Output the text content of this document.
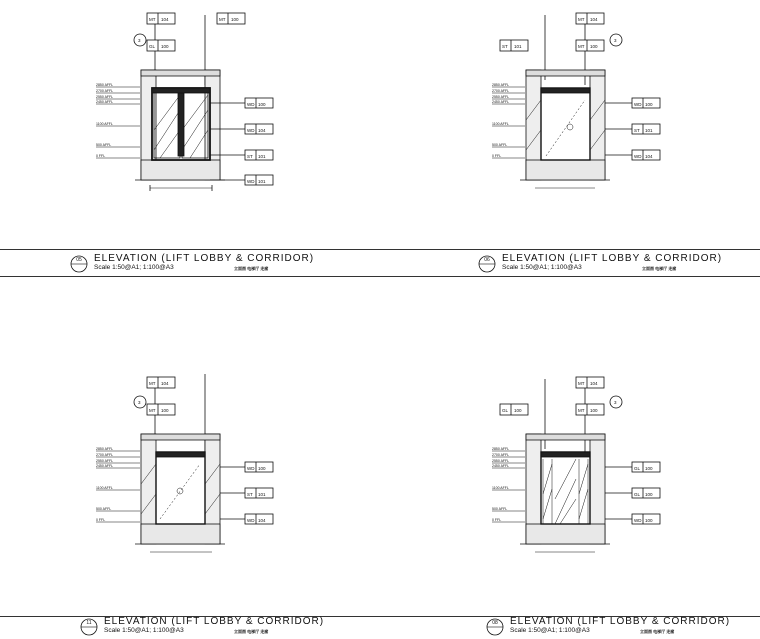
MT 104	MT 100
GL 100
3
WD 100
WD 104
ST 101
WD 101
2850 AFFL
2700 AFFL
2550 AFFL
2450 AFFL
1100 AFFL
500 AFFL
0 FFL
MT 104
MT 100
ST 101
3
WD 100
ST 101
WD 104
2850 AFFL
2700 AFFL
2550 AFFL
2450 AFFL
1100 AFFL
500 AFFL
0 FFL
MT 104
MT 100
3
WD 100
ST 101
WD 104
2850 AFFL
2700 AFFL
2550 AFFL
2450 AFFL
1100 AFFL
500 AFFL
0 FFL
MT 104
MT 100
GL 100
3
GL 100
GL 100
WD 100
2850 AFFL
2700 AFFL
2550 AFFL
2450 AFFL
1100 AFFL
500 AFFL
0 FFL
05	ELEVATION (LIFT LOBBY & CORRIDOR)
Scale 1:50@A1; 1:100@A3	立面图 电梯厅 走廊
06	ELEVATION (LIFT LOBBY & CORRIDOR)
Scale 1:50@A1; 1:100@A3	立面图 电梯厅 走廊
11	ELEVATION (LIFT LOBBY & CORRIDOR)
Scale 1:50@A1; 1:100@A3	立面图 电梯厅 走廊
08	ELEVATION (LIFT LOBBY & CORRIDOR)
Scale 1:50@A1; 1:100@A3	立面图 电梯厅 走廊
